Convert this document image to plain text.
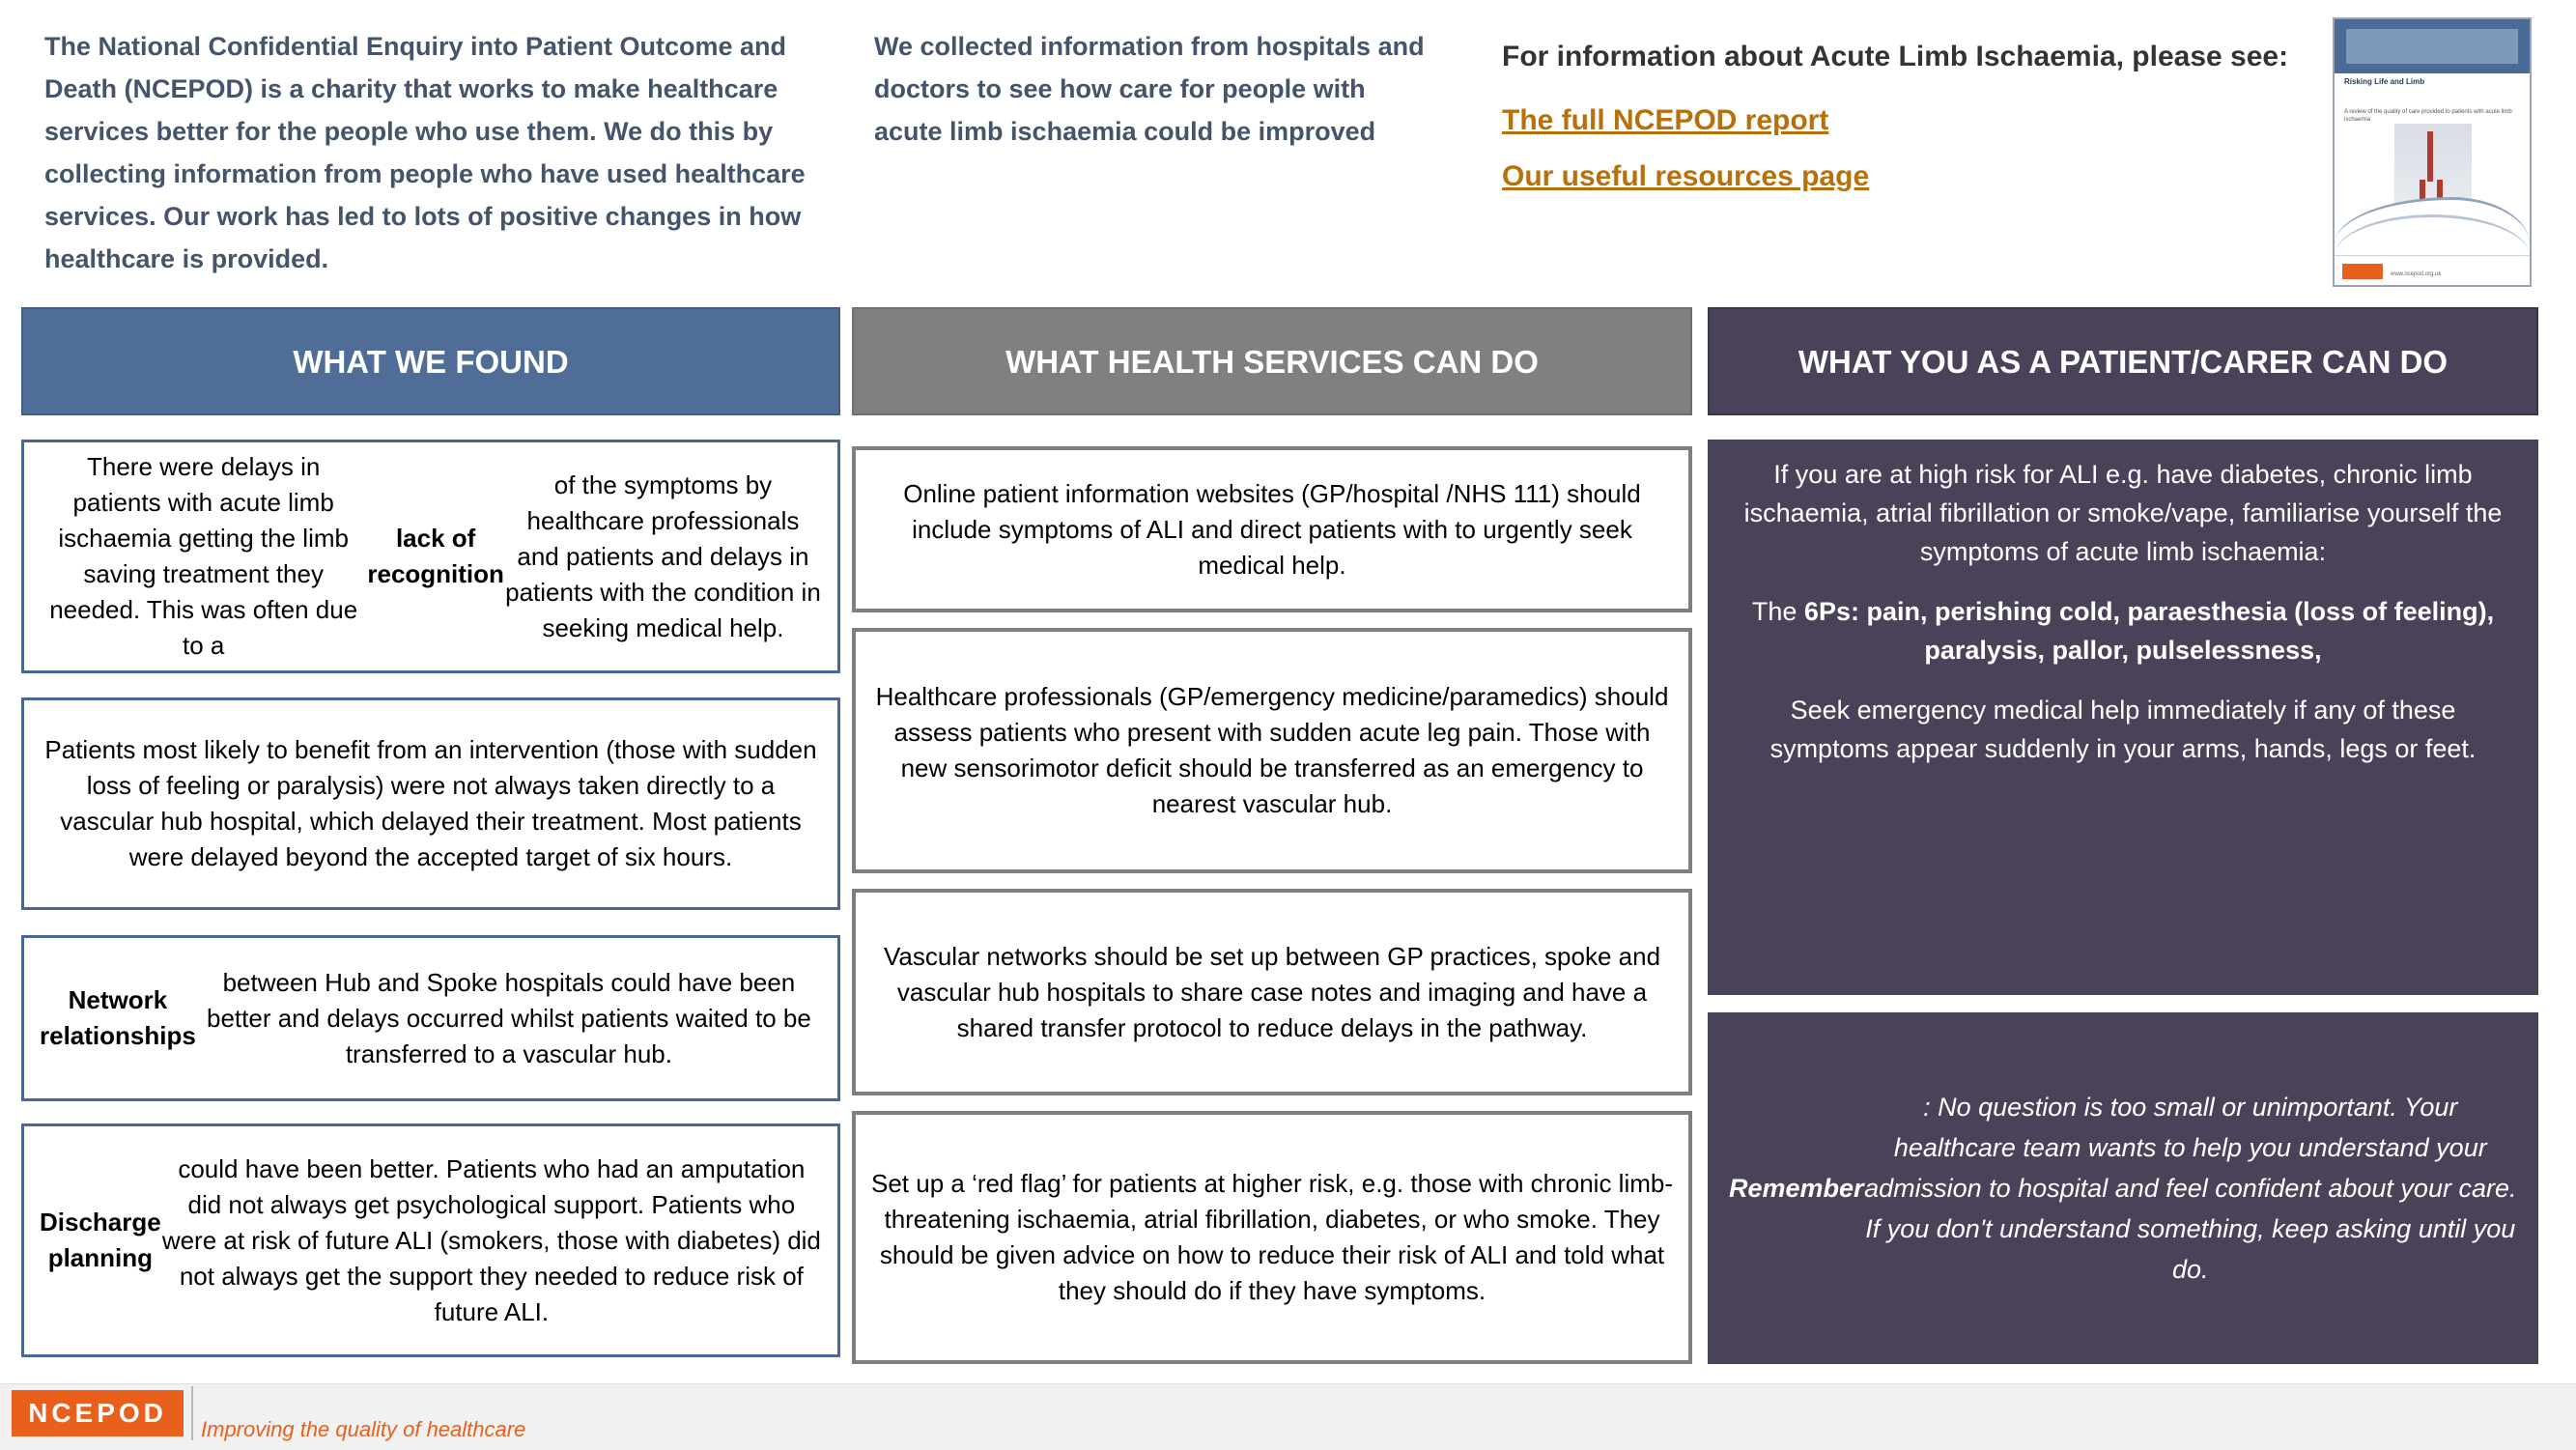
The National Confidential Enquiry into Patient Outcome and Death (NCEPOD) is a charity that works to make healthcare services better for the people who use them. We do this by collecting information from people who have used healthcare services. Our work has led to lots of positive changes in how healthcare is provided.
We collected information from hospitals and doctors to see how care for people with acute limb ischaemia could be improved
For information about Acute Limb Ischaemia, please see:
The full NCEPOD report
Our useful resources page
Risking Life and Limb
A review of the quality of care provided to patients with acute limb ischaemia
www.ncepod.org.uk
WHAT WE FOUND	WHAT HEALTH SERVICES CAN DO	WHAT YOU AS A PATIENT/CARER CAN DO
There were delays in patients with acute limb ischaemia getting the limb saving treatment they needed. This was often due to a
lack of recognition
of the symptoms by healthcare professionals and patients and delays in patients with the condition in seeking medical help.
Patients most likely to benefit from an intervention (those with sudden loss of feeling or paralysis) were not always taken directly to a vascular hub hospital, which delayed their treatment. Most patients were delayed beyond the accepted target of six hours.
Network relationships
between Hub and Spoke hospitals could have been better and delays occurred whilst patients waited to be transferred to a vascular hub.
Discharge planning
could have been better. Patients who had an amputation did not always get psychological support. Patients who were at risk of future ALI (smokers, those with diabetes) did not always get the support they needed to reduce risk of future ALI.
Online patient information websites (GP/hospital /NHS 111) should include symptoms of ALI and direct patients with to urgently seek medical help.
Healthcare professionals (GP/emergency medicine/paramedics) should assess patients who present with sudden acute leg pain. Those with new sensorimotor deficit should be transferred as an emergency to nearest vascular hub.
Vascular networks should be set up between GP practices, spoke and vascular hub hospitals to share case notes and imaging and have a shared transfer protocol to reduce delays in the pathway.
Set up a ‘red flag’ for patients at higher risk, e.g. those with chronic limb-threatening ischaemia, atrial fibrillation, diabetes, or who smoke. They should be given advice on how to reduce their risk of ALI and told what they should do if they have symptoms.

If you are at high risk for ALI e.g. have diabetes, chronic limb ischaemia, atrial fibrillation or smoke/vape, familiarise yourself the symptoms of acute limb ischaemia:

The 6Ps: pain, perishing cold, paraesthesia (loss of feeling), paralysis, pallor, pulselessness,

Seek emergency medical help immediately if any of these symptoms appear suddenly in your arms, hands, legs or feet.

Remember
: No question is too small or unimportant. Your healthcare team wants to help you understand your admission to hospital and feel confident about your care. If you don't understand something, keep asking until you do.
NCEPOD
Improving the quality of healthcare
